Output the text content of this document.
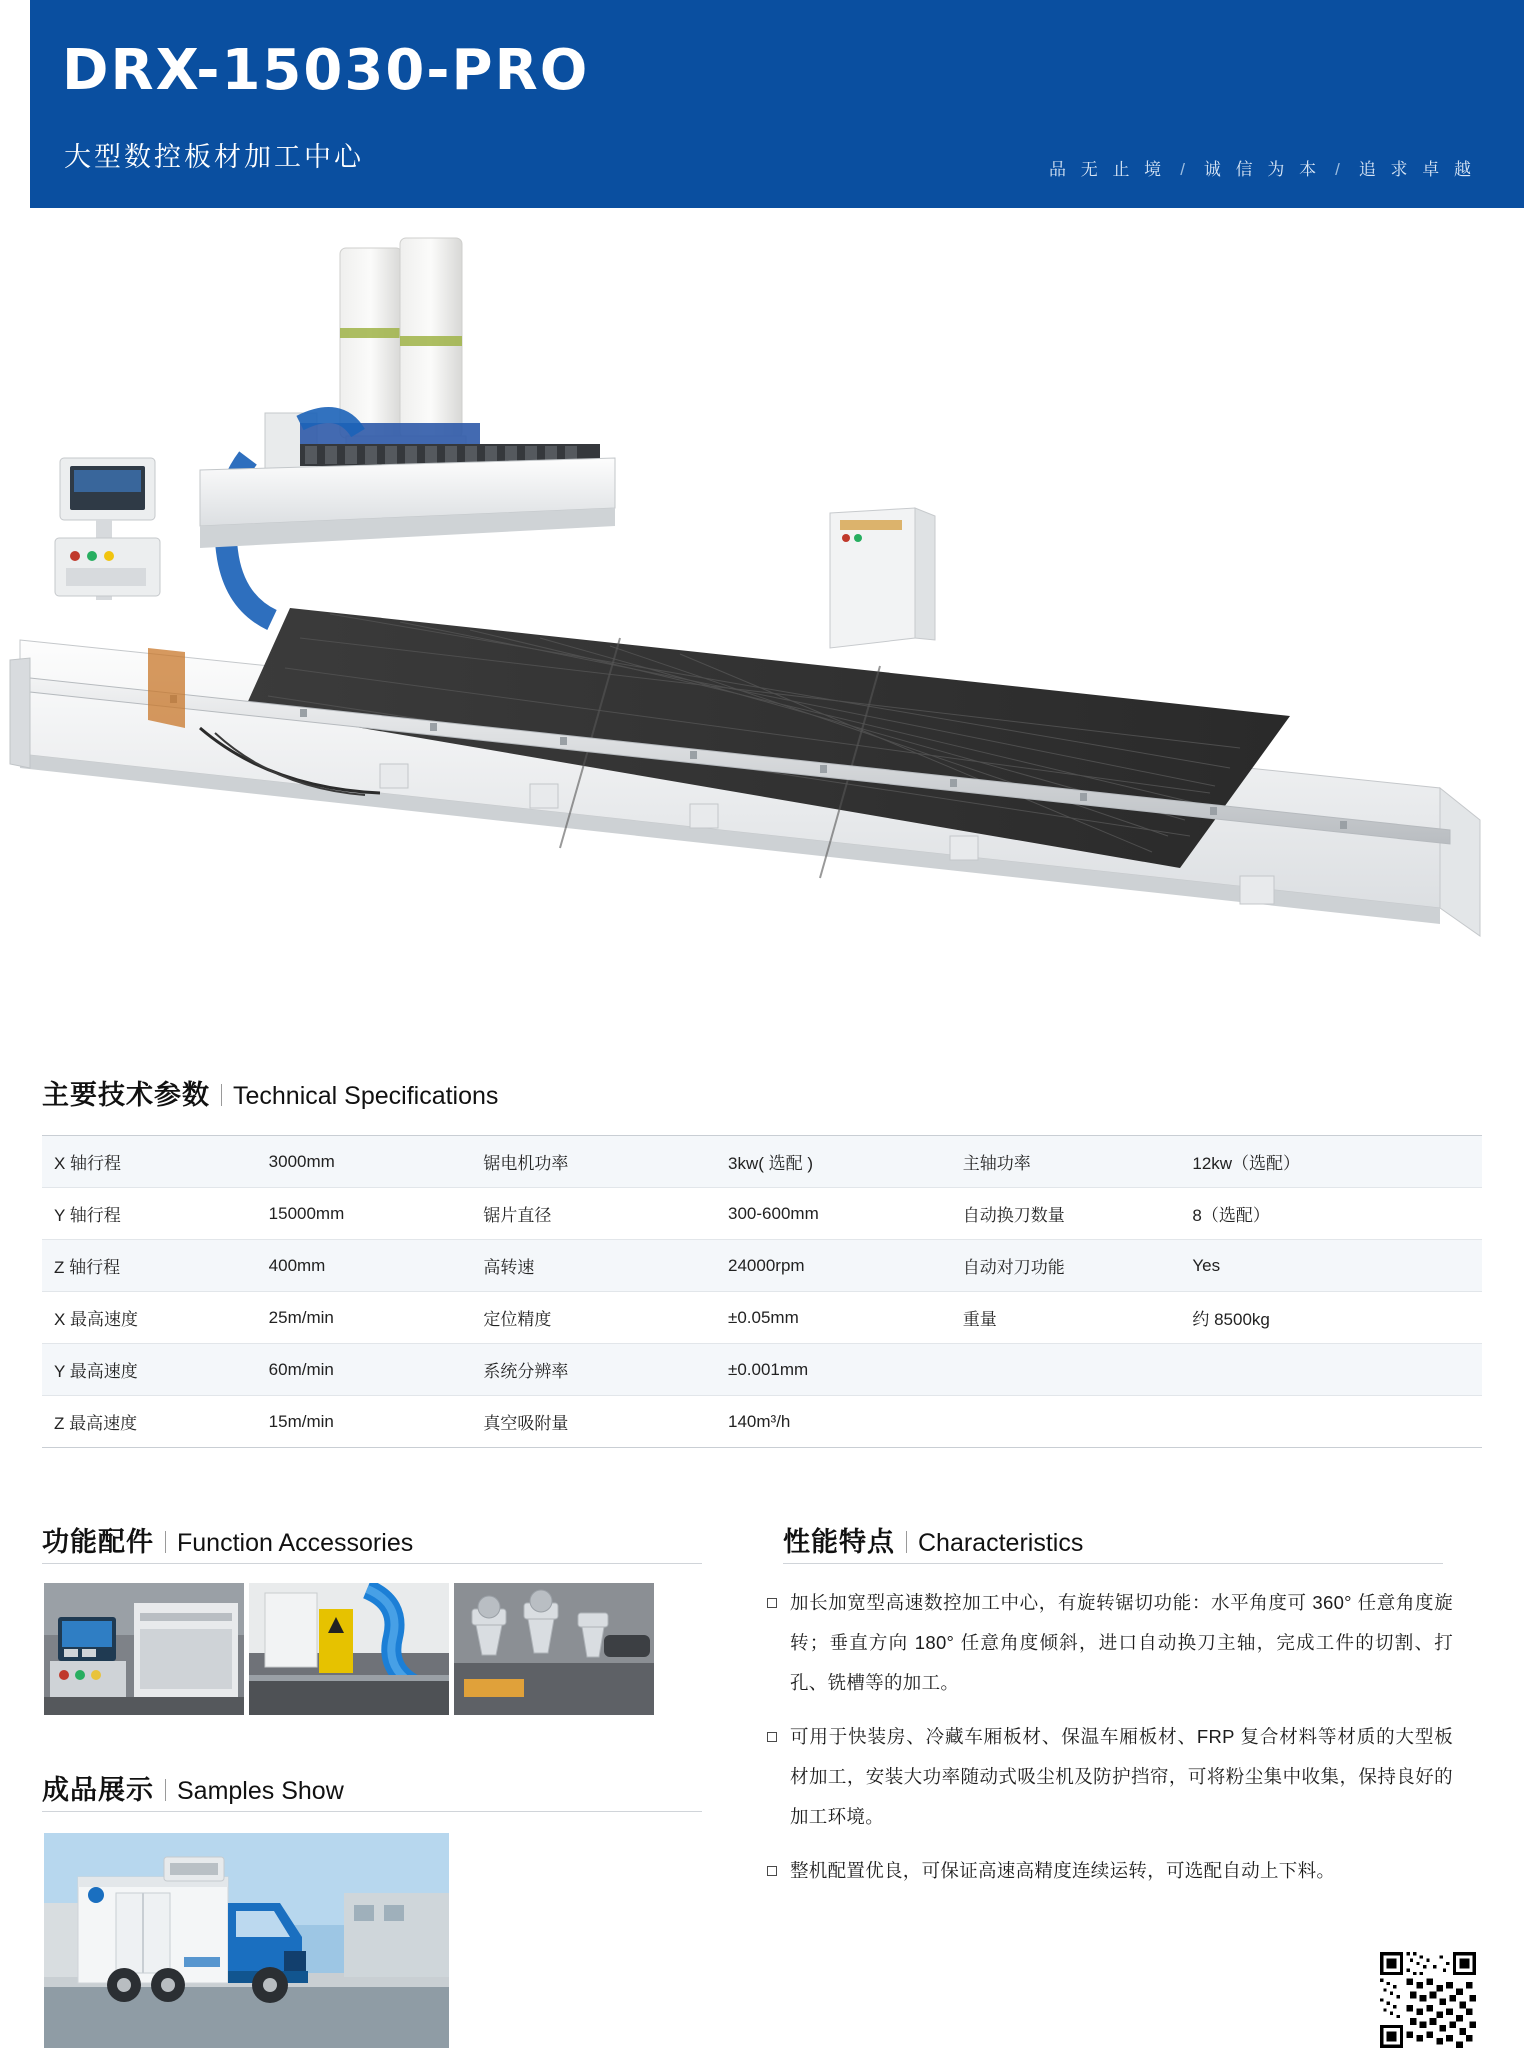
DRX-15030-PRO
大型数控板材加工中心	品 无 止 境 / 诚 信 为 本 / 追 求 卓 越
主要技术参数 Technical Specifications
X 轴行程	3000mm	锯电机功率	3kw( 选配 )	主轴功率	12kw（选配）
Y 轴行程	15000mm	锯片直径	300-600mm	自动换刀数量	8（选配）
Z 轴行程	400mm	高转速	24000rpm	自动对刀功能	Yes
X 最高速度	25m/min	定位精度	±0.05mm	重量	约 8500kg
Y 最高速度	60m/min	系统分辨率	±0.001mm		
Z 最高速度	15m/min	真空吸附量	140m³/h		
功能配件 Function Accessories
成品展示 Samples Show
性能特点 Characteristics
加长加宽型高速数控加工中心，有旋转锯切功能：水平角度可 360° 任意角度旋转；垂直方向 180° 任意角度倾斜，进口自动换刀主轴，完成工件的切割、打孔、铣槽等的加工。
可用于快装房、冷藏车厢板材、保温车厢板材、FRP 复合材料等材质的大型板材加工，安装大功率随动式吸尘机及防护挡帘，可将粉尘集中收集，保持良好的加工环境。
整机配置优良，可保证高速高精度连续运转，可选配自动上下料。
